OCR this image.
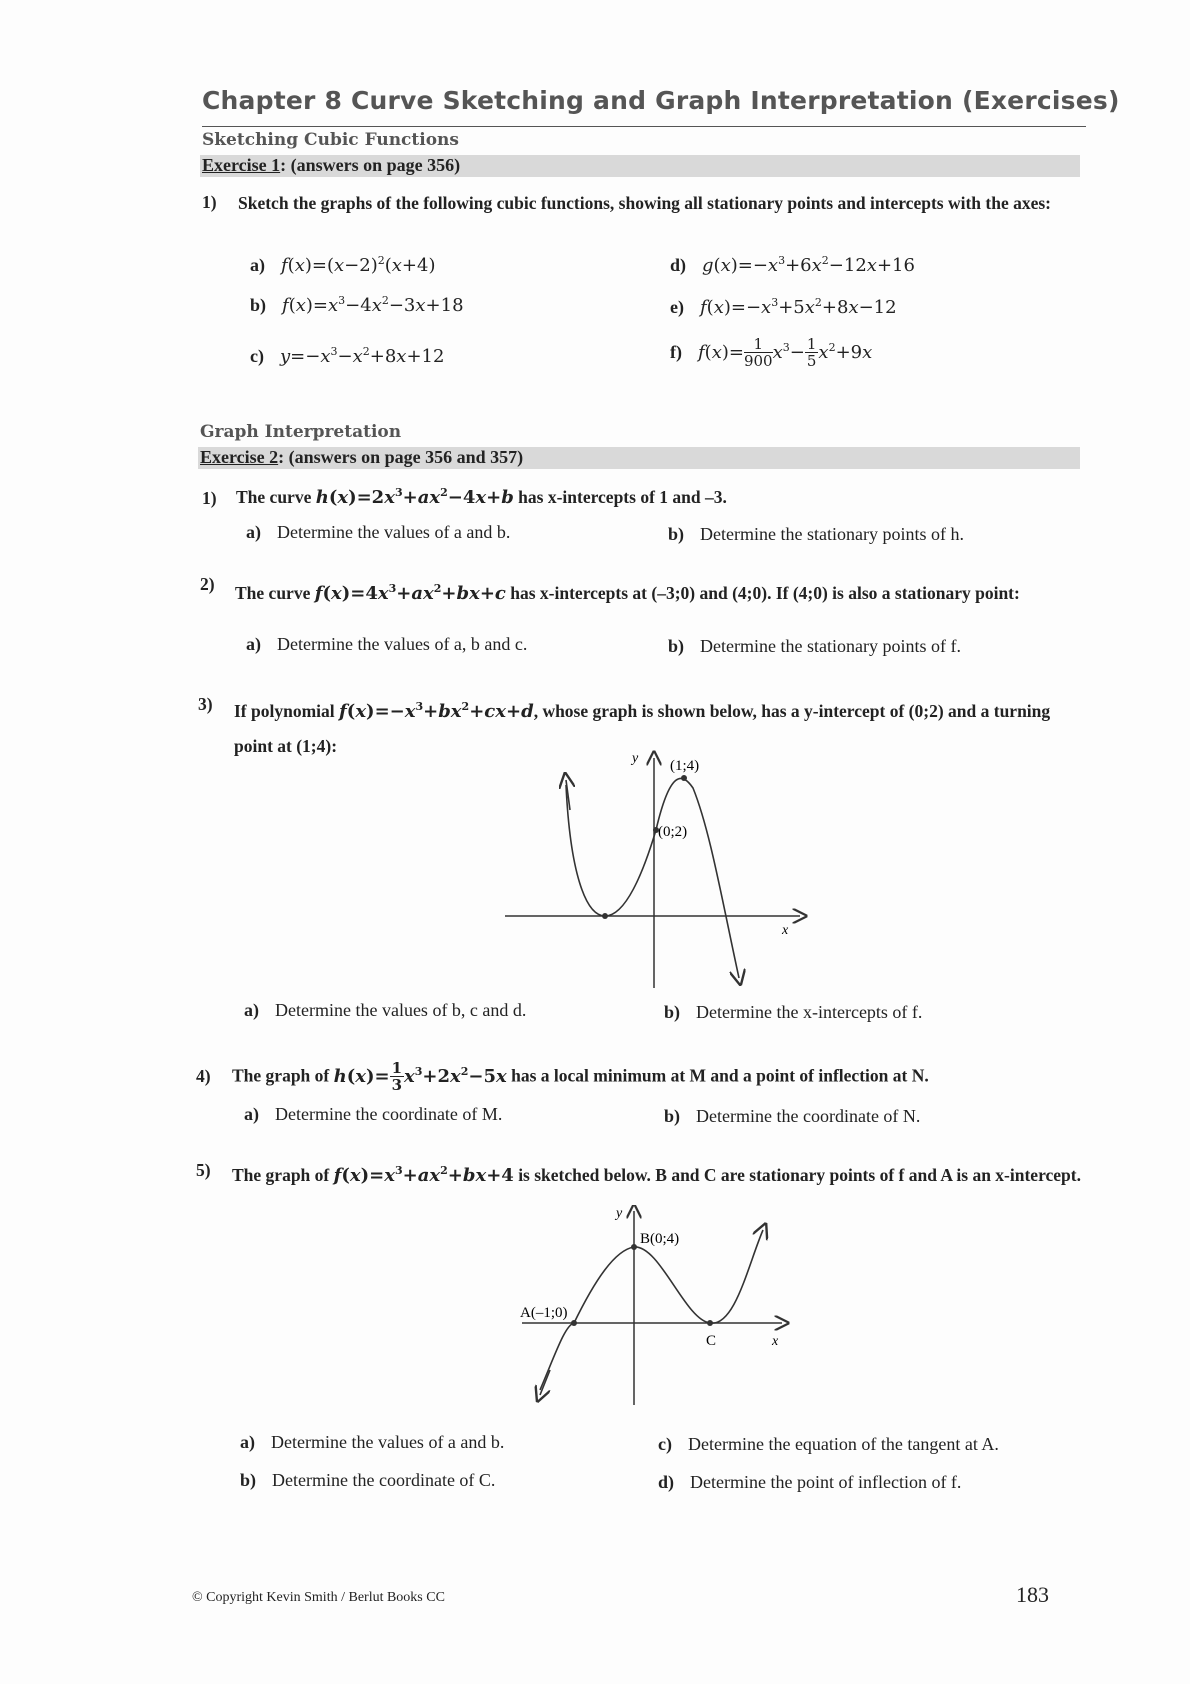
Chapter 8 Curve Sketching and Graph Interpretation (Exercises)
Sketching Cubic Functions
Exercise 1: (answers on page 356)
1) Sketch the graphs of the following cubic functions, showing all stationary points and intercepts with the axes:
a) $f(x)=(x-2)^2(x+4)$
b) $f(x)=x^3-4x^2-3x+18$
c) $y=-x^3-x^2+8x+12$
d) $g(x)=-x^3+6x^2-12x+16$
e) $f(x)=-x^3+5x^2+8x-12$
f) $f(x)= \frac{1}{900} x^3- \frac{1}{5} x^2+9x$
Graph Interpretation
Exercise 2: (answers on page 356 and 357)
1) The curve $h(x)=2x^3+ax^2-4x+b$ has x-intercepts of 1 and –3.
a) Determine the values of a and b.	b) Determine the stationary points of h.
2) The curve $f(x)=4x^3+ax^2+bx+c$ has x-intercepts at (–3;0) and (4;0). If (4;0) is also a stationary point:
a) Determine the values of a, b and c.	b) Determine the stationary points of f.
3) If polynomial $f(x)=-x^3+bx^2+cx+d$, whose graph is shown below, has a y-intercept of (0;2) and a turning point at (1;4):
y
x
(1;4)
(0;2)
a) Determine the values of b, c and d.	b) Determine the x-intercepts of f.
4) The graph of $h(x)= \frac{1}{3} x^3+2x^2-5x$ has a local minimum at M and a point of inflection at N.
a) Determine the coordinate of M.	b) Determine the coordinate of N.
5) The graph of $f(x)=x^3+ax^2+bx+4$ is sketched below. B and C are stationary points of f and A is an x-intercept.
y
x
B(0;4)
A(–1;0)
C
a) Determine the values of a and b.
b) Determine the coordinate of C.
c) Determine the equation of the tangent at A.
d) Determine the point of inflection of f.
© Copyright Kevin Smith / Berlut Books CC	183
